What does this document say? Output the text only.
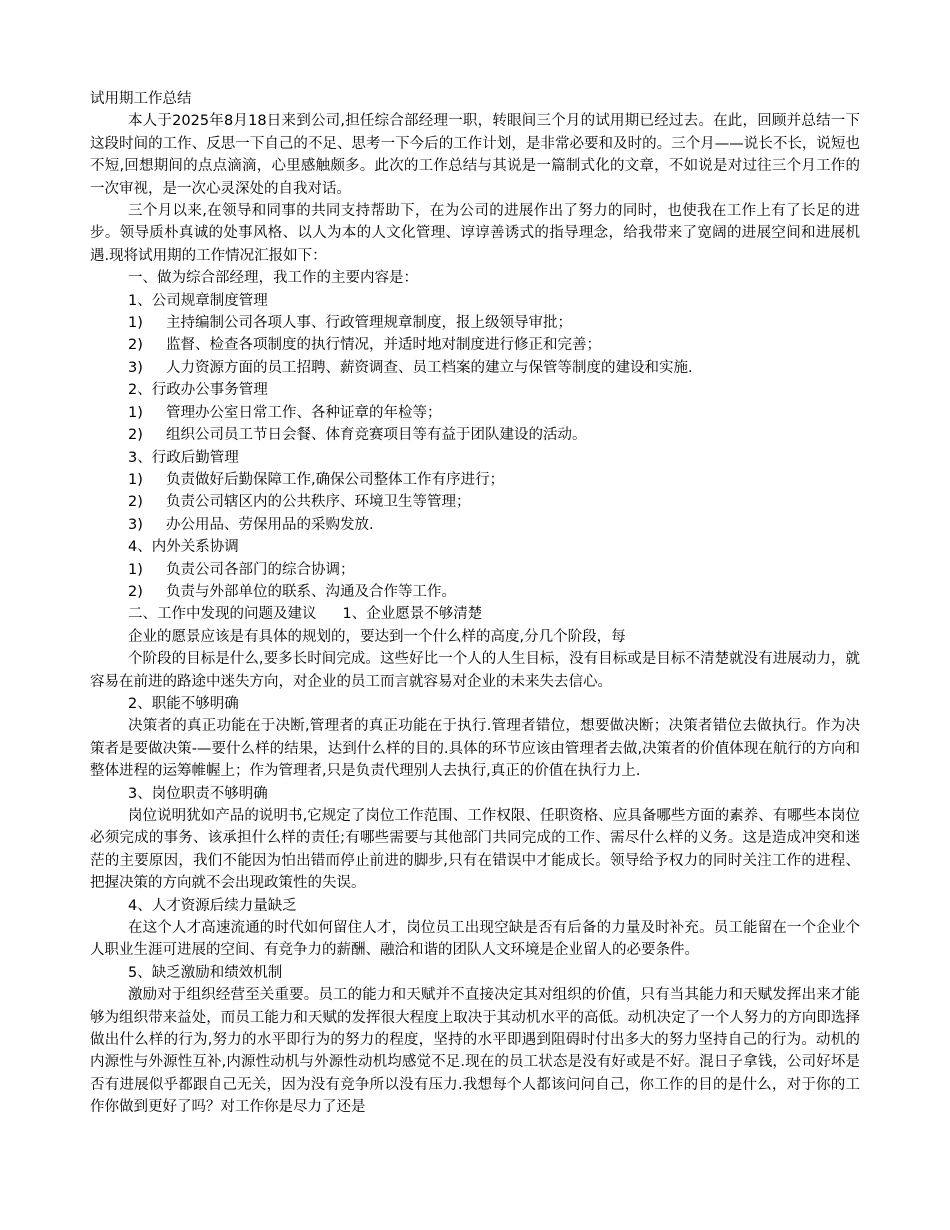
试用期工作总结
本人于2025年8月18日来到公司,担任综合部经理一职，转眼间三个月的试用期已经过去。在此，回顾并总结一下这段时间的工作、反思一下自己的不足、思考一下今后的工作计划，是非常必要和及时的。三个月——说长不长，说短也不短,回想期间的点点滴滴，心里感触颇多。此次的工作总结与其说是一篇制式化的文章，不如说是对过往三个月工作的一次审视，是一次心灵深处的自我对话。
三个月以来,在领导和同事的共同支持帮助下，在为公司的进展作出了努力的同时，也使我在工作上有了长足的进步。领导质朴真诚的处事风格、以人为本的人文化管理、谆谆善诱式的指导理念，给我带来了宽阔的进展空间和进展机遇.现将试用期的工作情况汇报如下：
一、做为综合部经理，我工作的主要内容是：
1、公司规章制度管理
1) 主持编制公司各项人事、行政管理规章制度，报上级领导审批；
2) 监督、检查各项制度的执行情况，并适时地对制度进行修正和完善；
3) 人力资源方面的员工招聘、薪资调查、员工档案的建立与保管等制度的建设和实施.
2、行政办公事务管理
1) 管理办公室日常工作、各种证章的年检等；
2) 组织公司员工节日会餐、体育竞赛项目等有益于团队建设的活动。
3、行政后勤管理
1) 负责做好后勤保障工作,确保公司整体工作有序进行；
2) 负责公司辖区内的公共秩序、环境卫生等管理；
3) 办公用品、劳保用品的采购发放.
4、内外关系协调
1) 负责公司各部门的综合协调；
2) 负责与外部单位的联系、沟通及合作等工作。
二、工作中发现的问题及建议 1、企业愿景不够清楚
企业的愿景应该是有具体的规划的，要达到一个什么样的高度,分几个阶段，每
个阶段的目标是什么,要多长时间完成。这些好比一个人的人生目标，没有目标或是目标不清楚就没有进展动力，就容易在前进的路途中迷失方向，对企业的员工而言就容易对企业的未来失去信心。
2、职能不够明确
决策者的真正功能在于决断,管理者的真正功能在于执行.管理者错位，想要做决断；决策者错位去做执行。作为决策者是要做决策-—要什么样的结果，达到什么样的目的.具体的环节应该由管理者去做,决策者的价值体现在航行的方向和整体进程的运筹帷幄上；作为管理者,只是负责代理别人去执行,真正的价值在执行力上.
3、岗位职责不够明确
岗位说明犹如产品的说明书,它规定了岗位工作范围、工作权限、任职资格、应具备哪些方面的素养、有哪些本岗位必须完成的事务、该承担什么样的责任;有哪些需要与其他部门共同完成的工作、需尽什么样的义务。这是造成冲突和迷茫的主要原因，我们不能因为怕出错而停止前进的脚步,只有在错误中才能成长。领导给予权力的同时关注工作的进程、把握决策的方向就不会出现政策性的失误。
4、人才资源后续力量缺乏
在这个人才高速流通的时代如何留住人才，岗位员工出现空缺是否有后备的力量及时补充。员工能留在一个企业个人职业生涯可进展的空间、有竞争力的薪酬、融洽和谐的团队人文环境是企业留人的必要条件。
5、缺乏激励和绩效机制
激励对于组织经营至关重要。员工的能力和天赋并不直接决定其对组织的价值，只有当其能力和天赋发挥出来才能够为组织带来益处，而员工能力和天赋的发挥很大程度上取决于其动机水平的高低。动机决定了一个人努力的方向即选择做出什么样的行为,努力的水平即行为的努力的程度，坚持的水平即遇到阻碍时付出多大的努力坚持自己的行为。动机的内源性与外源性互补,内源性动机与外源性动机均感觉不足.现在的员工状态是没有好或是不好。混日子拿钱，公司好坏是否有进展似乎都跟自己无关，因为没有竞争所以没有压力.我想每个人都该问问自己，你工作的目的是什么，对于你的工作你做到更好了吗？对工作你是尽力了还是
